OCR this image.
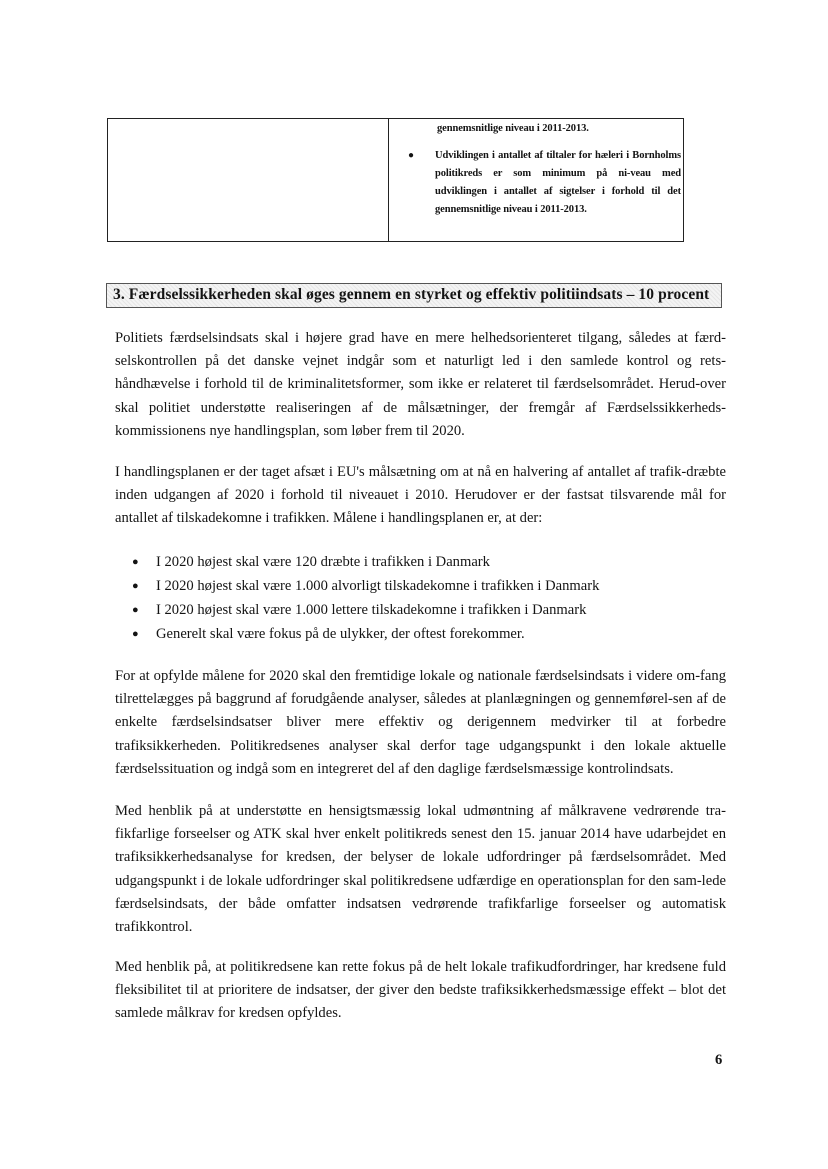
gennemsnitlige niveau i 2011-2013.
●	Udviklingen i antallet af tiltaler for hæleri i Bornholms politikreds er som minimum på ni-veau med udviklingen i antallet af sigtelser i forhold til det gennemsnitlige niveau i 2011-2013.
3. Færdselssikkerheden skal øges gennem en styrket og effektiv politiindsats – 10 procent

Politiets færdselsindsats skal i højere grad have en mere helhedsorienteret tilgang, således at færd-selskontrollen på det danske vejnet indgår som et naturligt led i den samlede kontrol og rets-håndhævelse i forhold til de kriminalitetsformer, som ikke er relateret til færdselsområdet. Herud-over skal politiet understøtte realiseringen af de målsætninger, der fremgår af Færdselssikkerheds-kommissionens nye handlingsplan, som løber frem til 2020.

I handlingsplanen er der taget afsæt i EU's målsætning om at nå en halvering af antallet af trafik-dræbte inden udgangen af 2020 i forhold til niveauet i 2010. Herudover er der fastsat tilsvarende mål for antallet af tilskadekomne i trafikken. Målene i handlingsplanen er, at der:

●	I 2020 højest skal være 120 dræbte i trafikken i Danmark
●	I 2020 højest skal være 1.000 alvorligt tilskadekomne i trafikken i Danmark
●	I 2020 højest skal være 1.000 lettere tilskadekomne i trafikken i Danmark
●	Generelt skal være fokus på de ulykker, der oftest forekommer.

For at opfylde målene for 2020 skal den fremtidige lokale og nationale færdselsindsats i videre om-fang tilrettelægges på baggrund af forudgående analyser, således at planlægningen og gennemførel-sen af de enkelte færdselsindsatser bliver mere effektiv og derigennem medvirker til at forbedre trafiksikkerheden. Politikredsenes analyser skal derfor tage udgangspunkt i den lokale aktuelle færdselssituation og indgå som en integreret del af den daglige færdselsmæssige kontrolindsats.

Med henblik på at understøtte en hensigtsmæssig lokal udmøntning af målkravene vedrørende tra-fikfarlige forseelser og ATK skal hver enkelt politikreds senest den 15. januar 2014 have udarbejdet en trafiksikkerhedsanalyse for kredsen, der belyser de lokale udfordringer på færdselsområdet. Med udgangspunkt i de lokale udfordringer skal politikredsene udfærdige en operationsplan for den sam-lede færdselsindsats, der både omfatter indsatsen vedrørende trafikfarlige forseelser og automatisk trafikkontrol.

Med henblik på, at politikredsene kan rette fokus på de helt lokale trafikudfordringer, har kredsene fuld fleksibilitet til at prioritere de indsatser, der giver den bedste trafiksikkerhedsmæssige effekt – blot det samlede målkrav for kredsen opfyldes.

6
